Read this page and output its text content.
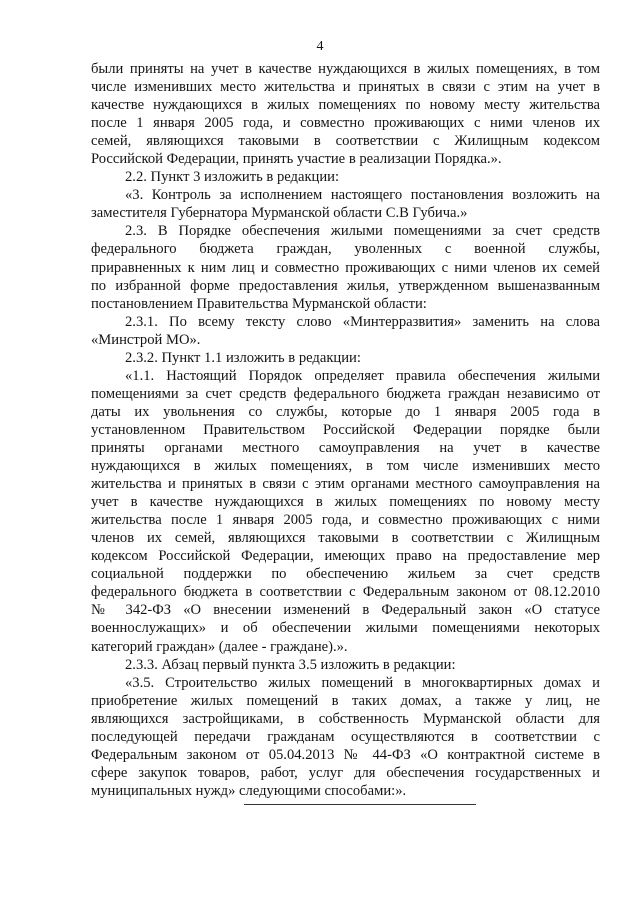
4
были приняты на учет в качестве нуждающихся в жилых помещениях, в том
числе изменивших место жительства и принятых в связи с этим на учет в
качестве нуждающихся в жилых помещениях по новому месту жительства
после 1 января 2005 года, и совместно проживающих с ними членов их
семей, являющихся таковыми в соответствии с Жилищным кодексом
Российской Федерации, принять участие в реализации Порядка.».
2.2. Пункт 3 изложить в редакции:
«3. Контроль за исполнением настоящего постановления возложить на
заместителя Губернатора Мурманской области С.В Губича.»
2.3. В Порядке обеспечения жилыми помещениями за счет средств
федерального бюджета граждан, уволенных с военной службы,
приравненных к ним лиц и совместно проживающих с ними членов их семей
по избранной форме предоставления жилья, утвержденном вышеназванным
постановлением Правительства Мурманской области:
2.3.1. По всему тексту слово «Минтерразвития» заменить на слова
«Минстрой МО».
2.3.2. Пункт 1.1 изложить в редакции:
«1.1. Настоящий Порядок определяет правила обеспечения жилыми
помещениями за счет средств федерального бюджета граждан независимо от
даты их увольнения со службы, которые до 1 января 2005 года в
установленном Правительством Российской Федерации порядке были
приняты органами местного самоуправления на учет в качестве
нуждающихся в жилых помещениях, в том числе изменивших место
жительства и принятых в связи с этим органами местного самоуправления на
учет в качестве нуждающихся в жилых помещениях по новому месту
жительства после 1 января 2005 года, и совместно проживающих с ними
членов их семей, являющихся таковыми в соответствии с Жилищным
кодексом Российской Федерации, имеющих право на предоставление мер
социальной поддержки по обеспечению жильем за счет средств
федерального бюджета в соответствии с Федеральным законом от 08.12.2010
№ 342-ФЗ «О внесении изменений в Федеральный закон «О статусе
военнослужащих» и об обеспечении жилыми помещениями некоторых
категорий граждан» (далее - граждане).».
2.3.3. Абзац первый пункта 3.5 изложить в редакции:
«3.5. Строительство жилых помещений в многоквартирных домах и
приобретение жилых помещений в таких домах, а также у лиц, не
являющихся застройщиками, в собственность Мурманской области для
последующей передачи гражданам осуществляются в соответствии с
Федеральным законом от 05.04.2013 № 44-ФЗ «О контрактной системе в
сфере закупок товаров, работ, услуг для обеспечения государственных и
муниципальных нужд» следующими способами:».
